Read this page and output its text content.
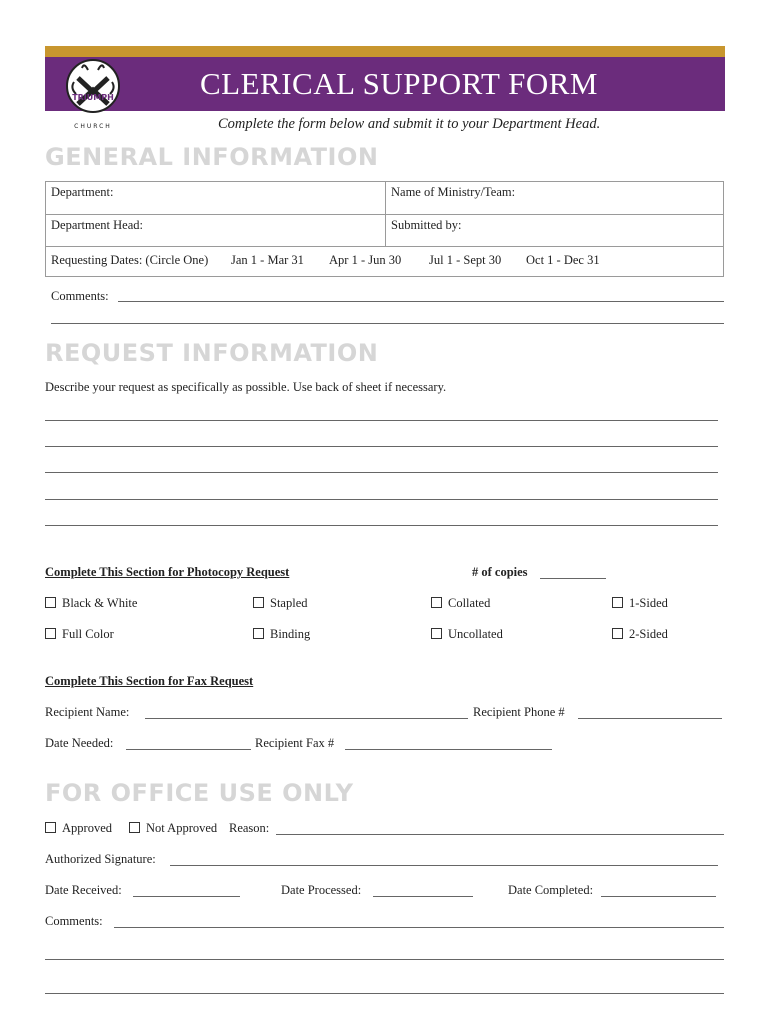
CLERICAL SUPPORT FORM
Complete the form below and submit it to your Department Head.
TRIUMPH
CHURCH
GENERAL INFORMATION
Department:	Name of Ministry/Team:
Department Head:	Submitted by:
Requesting Dates: (Circle One) Jan 1 - Mar 31 Apr 1 - Jun 30 Jul 1 - Sept 30 Oct 1 - Dec 31
Comments:
REQUEST INFORMATION
Describe your request as specifically as possible. Use back of sheet if necessary.
Complete This Section for Photocopy Request	# of copies
Black & White	Stapled	Collated	1-Sided
Full Color	Binding	Uncollated	2-Sided
Complete This Section for Fax Request
Recipient Name:	Recipient Phone #
Date Needed:	Recipient Fax #
FOR OFFICE USE ONLY
Approved	Not Approved Reason:
Authorized Signature:
Date Received:	Date Processed:	Date Completed:
Comments:
